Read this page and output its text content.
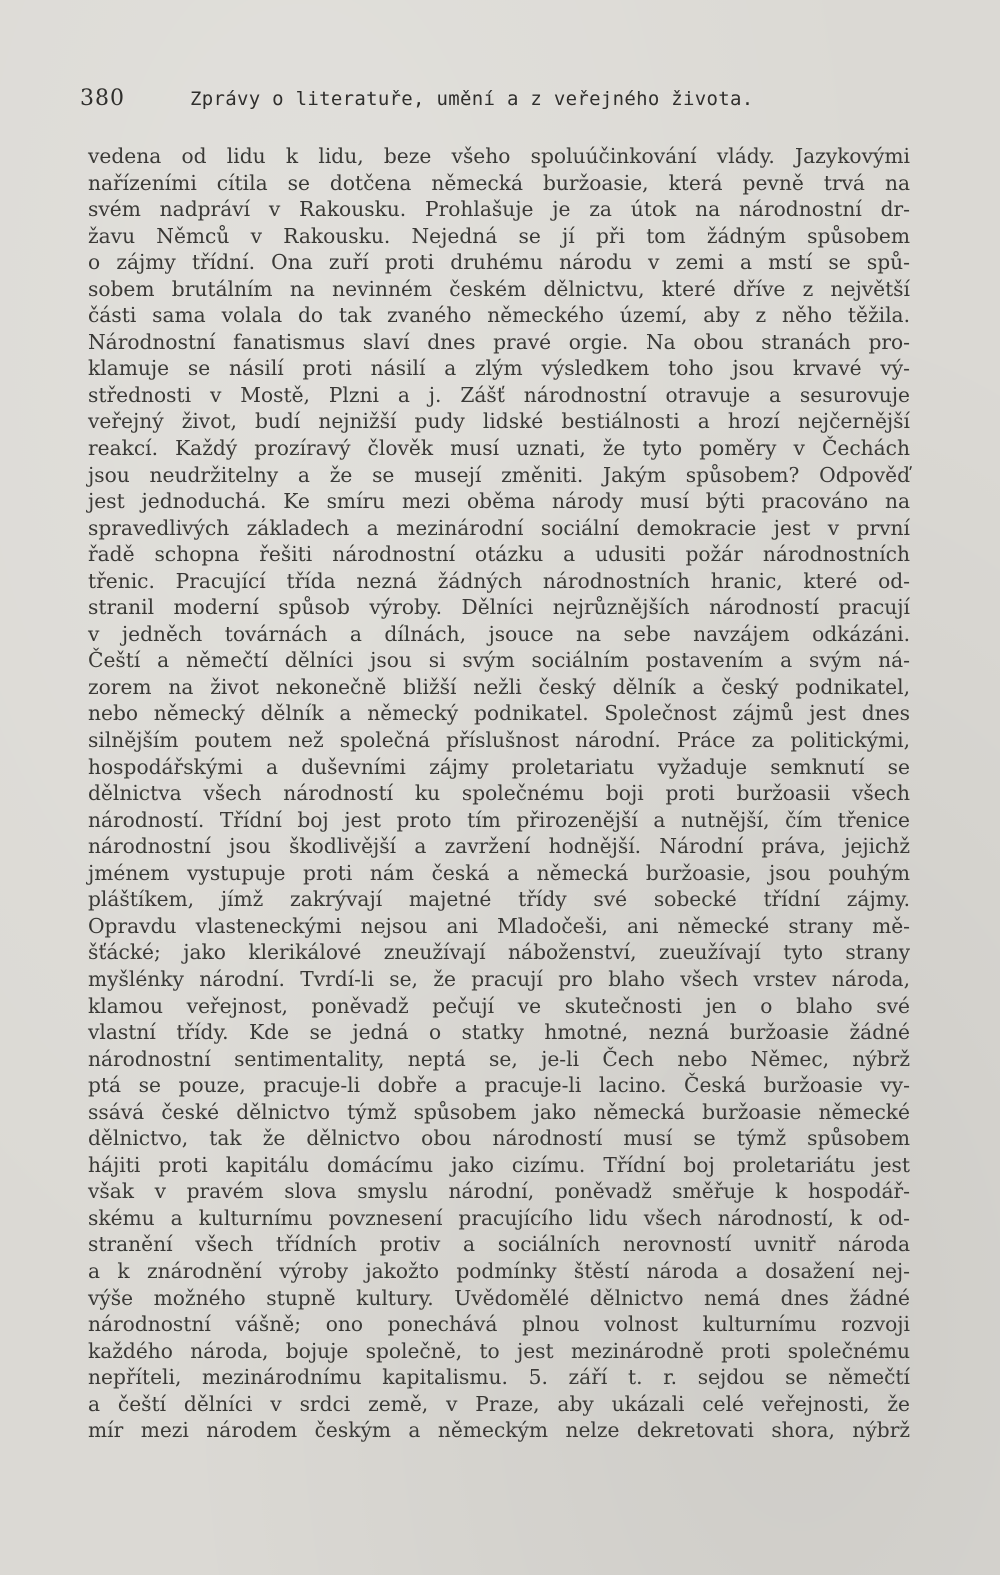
380	Zprávy o literatuře, umění a z veřejného života.
vedena od lidu k lidu, beze všeho spoluúčinkování vlády. Jazykovými
nařízeními cítila se dotčena německá buržoasie, která pevně trvá na
svém nadpráví v Rakousku. Prohlašuje je za útok na národnostní dr-
žavu Němců v Rakousku. Nejedná se jí při tom žádným spůsobem
o zájmy třídní. Ona zuří proti druhému národu v zemi a mstí se spů-
sobem brutálním na nevinném českém dělnictvu, které dříve z největší
části sama volala do tak zvaného německého území, aby z něho těžila.
Národnostní fanatismus slaví dnes pravé orgie. Na obou stranách pro-
klamuje se násilí proti násilí a zlým výsledkem toho jsou krvavé vý-
střednosti v Mostě, Plzni a j. Zášť národnostní otravuje a sesurovuje
veřejný život, budí nejnižší pudy lidské bestiálnosti a hrozí nejčernější
reakcí. Každý prozíravý člověk musí uznati, že tyto poměry v Čechách
jsou neudržitelny a že se musejí změniti. Jakým spůsobem? Odpověď
jest jednoduchá. Ke smíru mezi oběma národy musí býti pracováno na
spravedlivých základech a mezinárodní sociální demokracie jest v první
řadě schopna řešiti národnostní otázku a udusiti požár národnostních
třenic. Pracující třída nezná žádných národnostních hranic, které od-
stranil moderní spůsob výroby. Dělníci nejrůznějších národností pracují
v jedněch továrnách a dílnách, jsouce na sebe navzájem odkázáni.
Čeští a němečtí dělníci jsou si svým sociálním postavením a svým ná-
zorem na život nekonečně bližší nežli český dělník a český podnikatel,
nebo německý dělník a německý podnikatel. Společnost zájmů jest dnes
silnějším poutem než společná příslušnost národní. Práce za politickými,
hospodářskými a duševními zájmy proletariatu vyžaduje semknutí se
dělnictva všech národností ku společnému boji proti buržoasii všech
národností. Třídní boj jest proto tím přirozenější a nutnější, čím třenice
národnostní jsou škodlivější a zavržení hodnější. Národní práva, jejichž
jménem vystupuje proti nám česká a německá buržoasie, jsou pouhým
pláštíkem, jímž zakrývají majetné třídy své sobecké třídní zájmy.
Opravdu vlasteneckými nejsou ani Mladočeši, ani německé strany mě-
šťácké; jako klerikálové zneužívají náboženství, zueužívají tyto strany
myšlénky národní. Tvrdí-li se, že pracují pro blaho všech vrstev národa,
klamou veřejnost, poněvadž pečují ve skutečnosti jen o blaho své
vlastní třídy. Kde se jedná o statky hmotné, nezná buržoasie žádné
národnostní sentimentality, neptá se, je-li Čech nebo Němec, nýbrž
ptá se pouze, pracuje-li dobře a pracuje-li lacino. Česká buržoasie vy-
ssává české dělnictvo týmž spůsobem jako německá buržoasie německé
dělnictvo, tak že dělnictvo obou národností musí se týmž spůsobem
hájiti proti kapitálu domácímu jako cizímu. Třídní boj proletariátu jest
však v pravém slova smyslu národní, poněvadž směřuje k hospodář-
skému a kulturnímu povznesení pracujícího lidu všech národností, k od-
stranění všech třídních protiv a sociálních nerovností uvnitř národa
a k znárodnění výroby jakožto podmínky štěstí národa a dosažení nej-
výše možného stupně kultury. Uvědomělé dělnictvo nemá dnes žádné
národnostní vášně; ono ponechává plnou volnost kulturnímu rozvoji
každého národa, bojuje společně, to jest mezinárodně proti společnému
nepříteli, mezinárodnímu kapitalismu. 5. září t. r. sejdou se němečtí
a čeští dělníci v srdci země, v Praze, aby ukázali celé veřejnosti, že
mír mezi národem českým a německým nelze dekretovati shora, nýbrž
